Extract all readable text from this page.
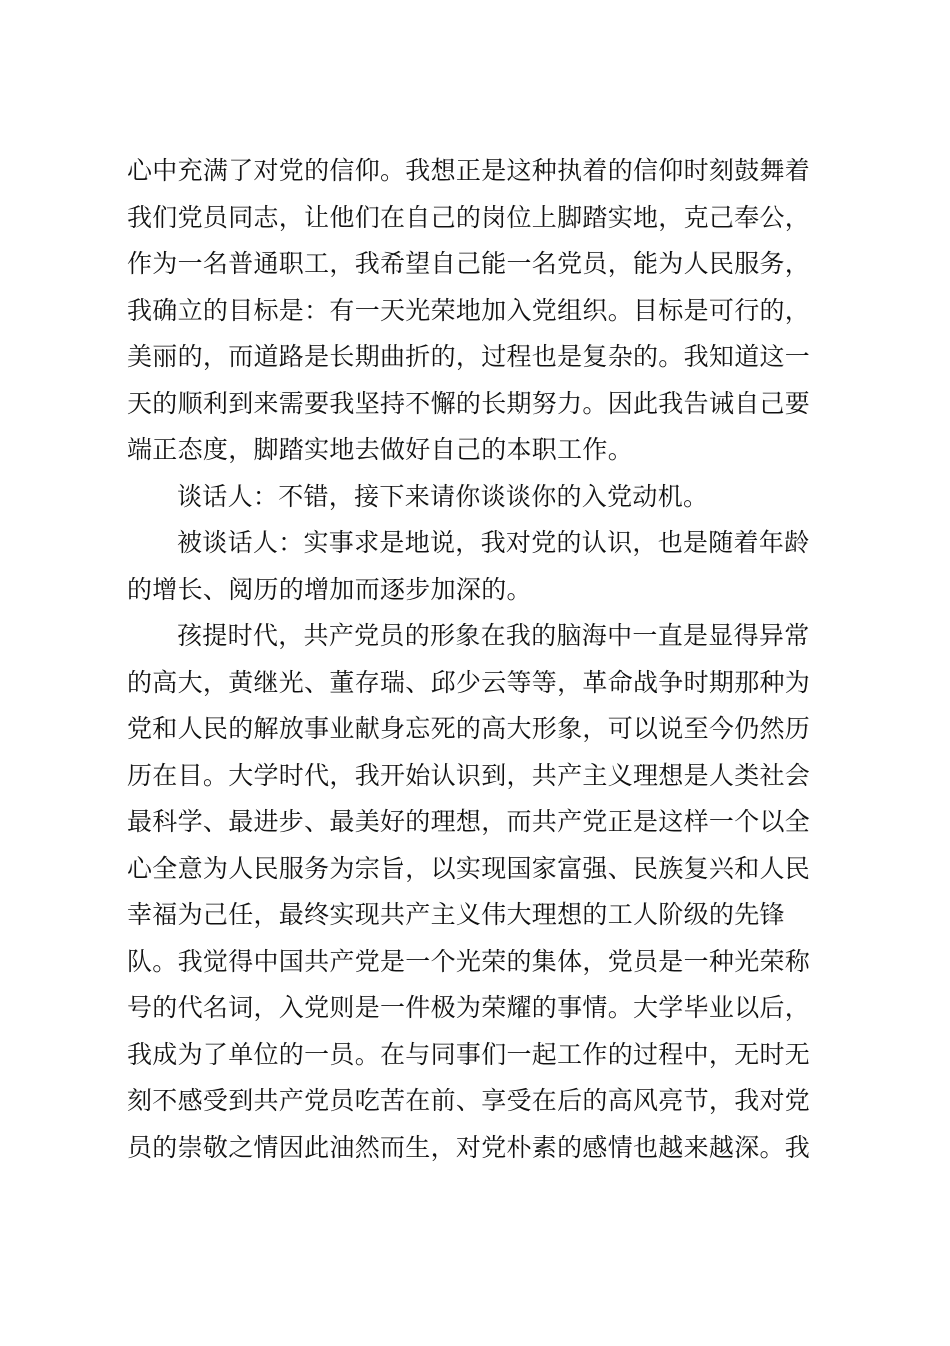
心中充满了对党的信仰。我想正是这种执着的信仰时刻鼓舞着
我们党员同志，让他们在自己的岗位上脚踏实地，克己奉公，
作为一名普通职工，我希望自己能一名党员，能为人民服务，
我确立的目标是：有一天光荣地加入党组织。目标是可行的，
美丽的，而道路是长期曲折的，过程也是复杂的。我知道这一
天的顺利到来需要我坚持不懈的长期努力。因此我告诫自己要
端正态度，脚踏实地去做好自己的本职工作。
谈话人：不错，接下来请你谈谈你的入党动机。
被谈话人：实事求是地说，我对党的认识，也是随着年龄
的增长、阅历的增加而逐步加深的。
孩提时代，共产党员的形象在我的脑海中一直是显得异常
的高大，黄继光、董存瑞、邱少云等等，革命战争时期那种为
党和人民的解放事业献身忘死的高大形象，可以说至今仍然历
历在目。大学时代，我开始认识到，共产主义理想是人类社会
最科学、最进步、最美好的理想，而共产党正是这样一个以全
心全意为人民服务为宗旨，以实现国家富强、民族复兴和人民
幸福为己任，最终实现共产主义伟大理想的工人阶级的先锋
队。我觉得中国共产党是一个光荣的集体，党员是一种光荣称
号的代名词，入党则是一件极为荣耀的事情。大学毕业以后，
我成为了单位的一员。在与同事们一起工作的过程中，无时无
刻不感受到共产党员吃苦在前、享受在后的高风亮节，我对党
员的崇敬之情因此油然而生，对党朴素的感情也越来越深。我
